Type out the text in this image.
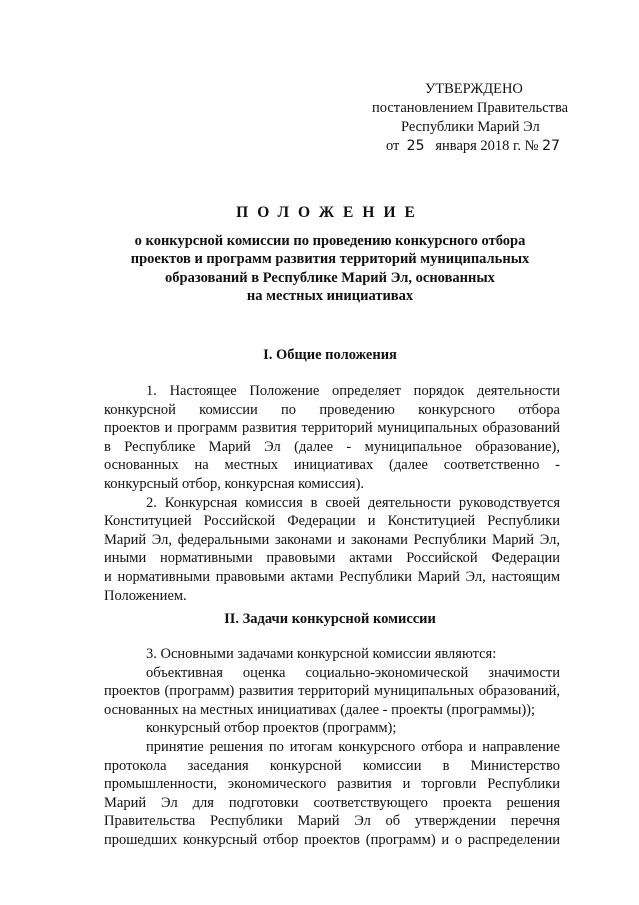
УТВЕРЖДЕНО
постановлением Правительства
Республики Марий Эл
от 25 января 2018 г. № 27
ПОЛОЖЕНИЕ
о конкурсной комиссии по проведению конкурсного отбора
проектов и программ развития территорий муниципальных
образований в Республике Марий Эл, основанных
на местных инициативах
I. Общие положения

1. Настоящее Положение определяет порядок деятельности
конкурсной комиссии по проведению конкурсного отбора
проектов и программ развития территорий муниципальных образований
в Республике Марий Эл (далее - муниципальное образование),
основанных на местных инициативах (далее соответственно -
конкурсный отбор, конкурсная комиссия).

2. Конкурсная комиссия в своей деятельности руководствуется
Конституцией Российской Федерации и Конституцией Республики
Марий Эл, федеральными законами и законами Республики Марий Эл,
иными нормативными правовыми актами Российской Федерации
и нормативными правовыми актами Республики Марий Эл, настоящим
Положением.

II. Задачи конкурсной комиссии

3. Основными задачами конкурсной комиссии являются:

объективная оценка социально-экономической значимости
проектов (программ) развития территорий муниципальных образований,
основанных на местных инициативах (далее - проекты (программы));

конкурсный отбор проектов (программ);

принятие решения по итогам конкурсного отбора и направление
протокола заседания конкурсной комиссии в Министерство
промышленности, экономического развития и торговли Республики
Марий Эл для подготовки соответствующего проекта решения
Правительства Республики Марий Эл об утверждении перечня
прошедших конкурсный отбор проектов (программ) и о распределении
